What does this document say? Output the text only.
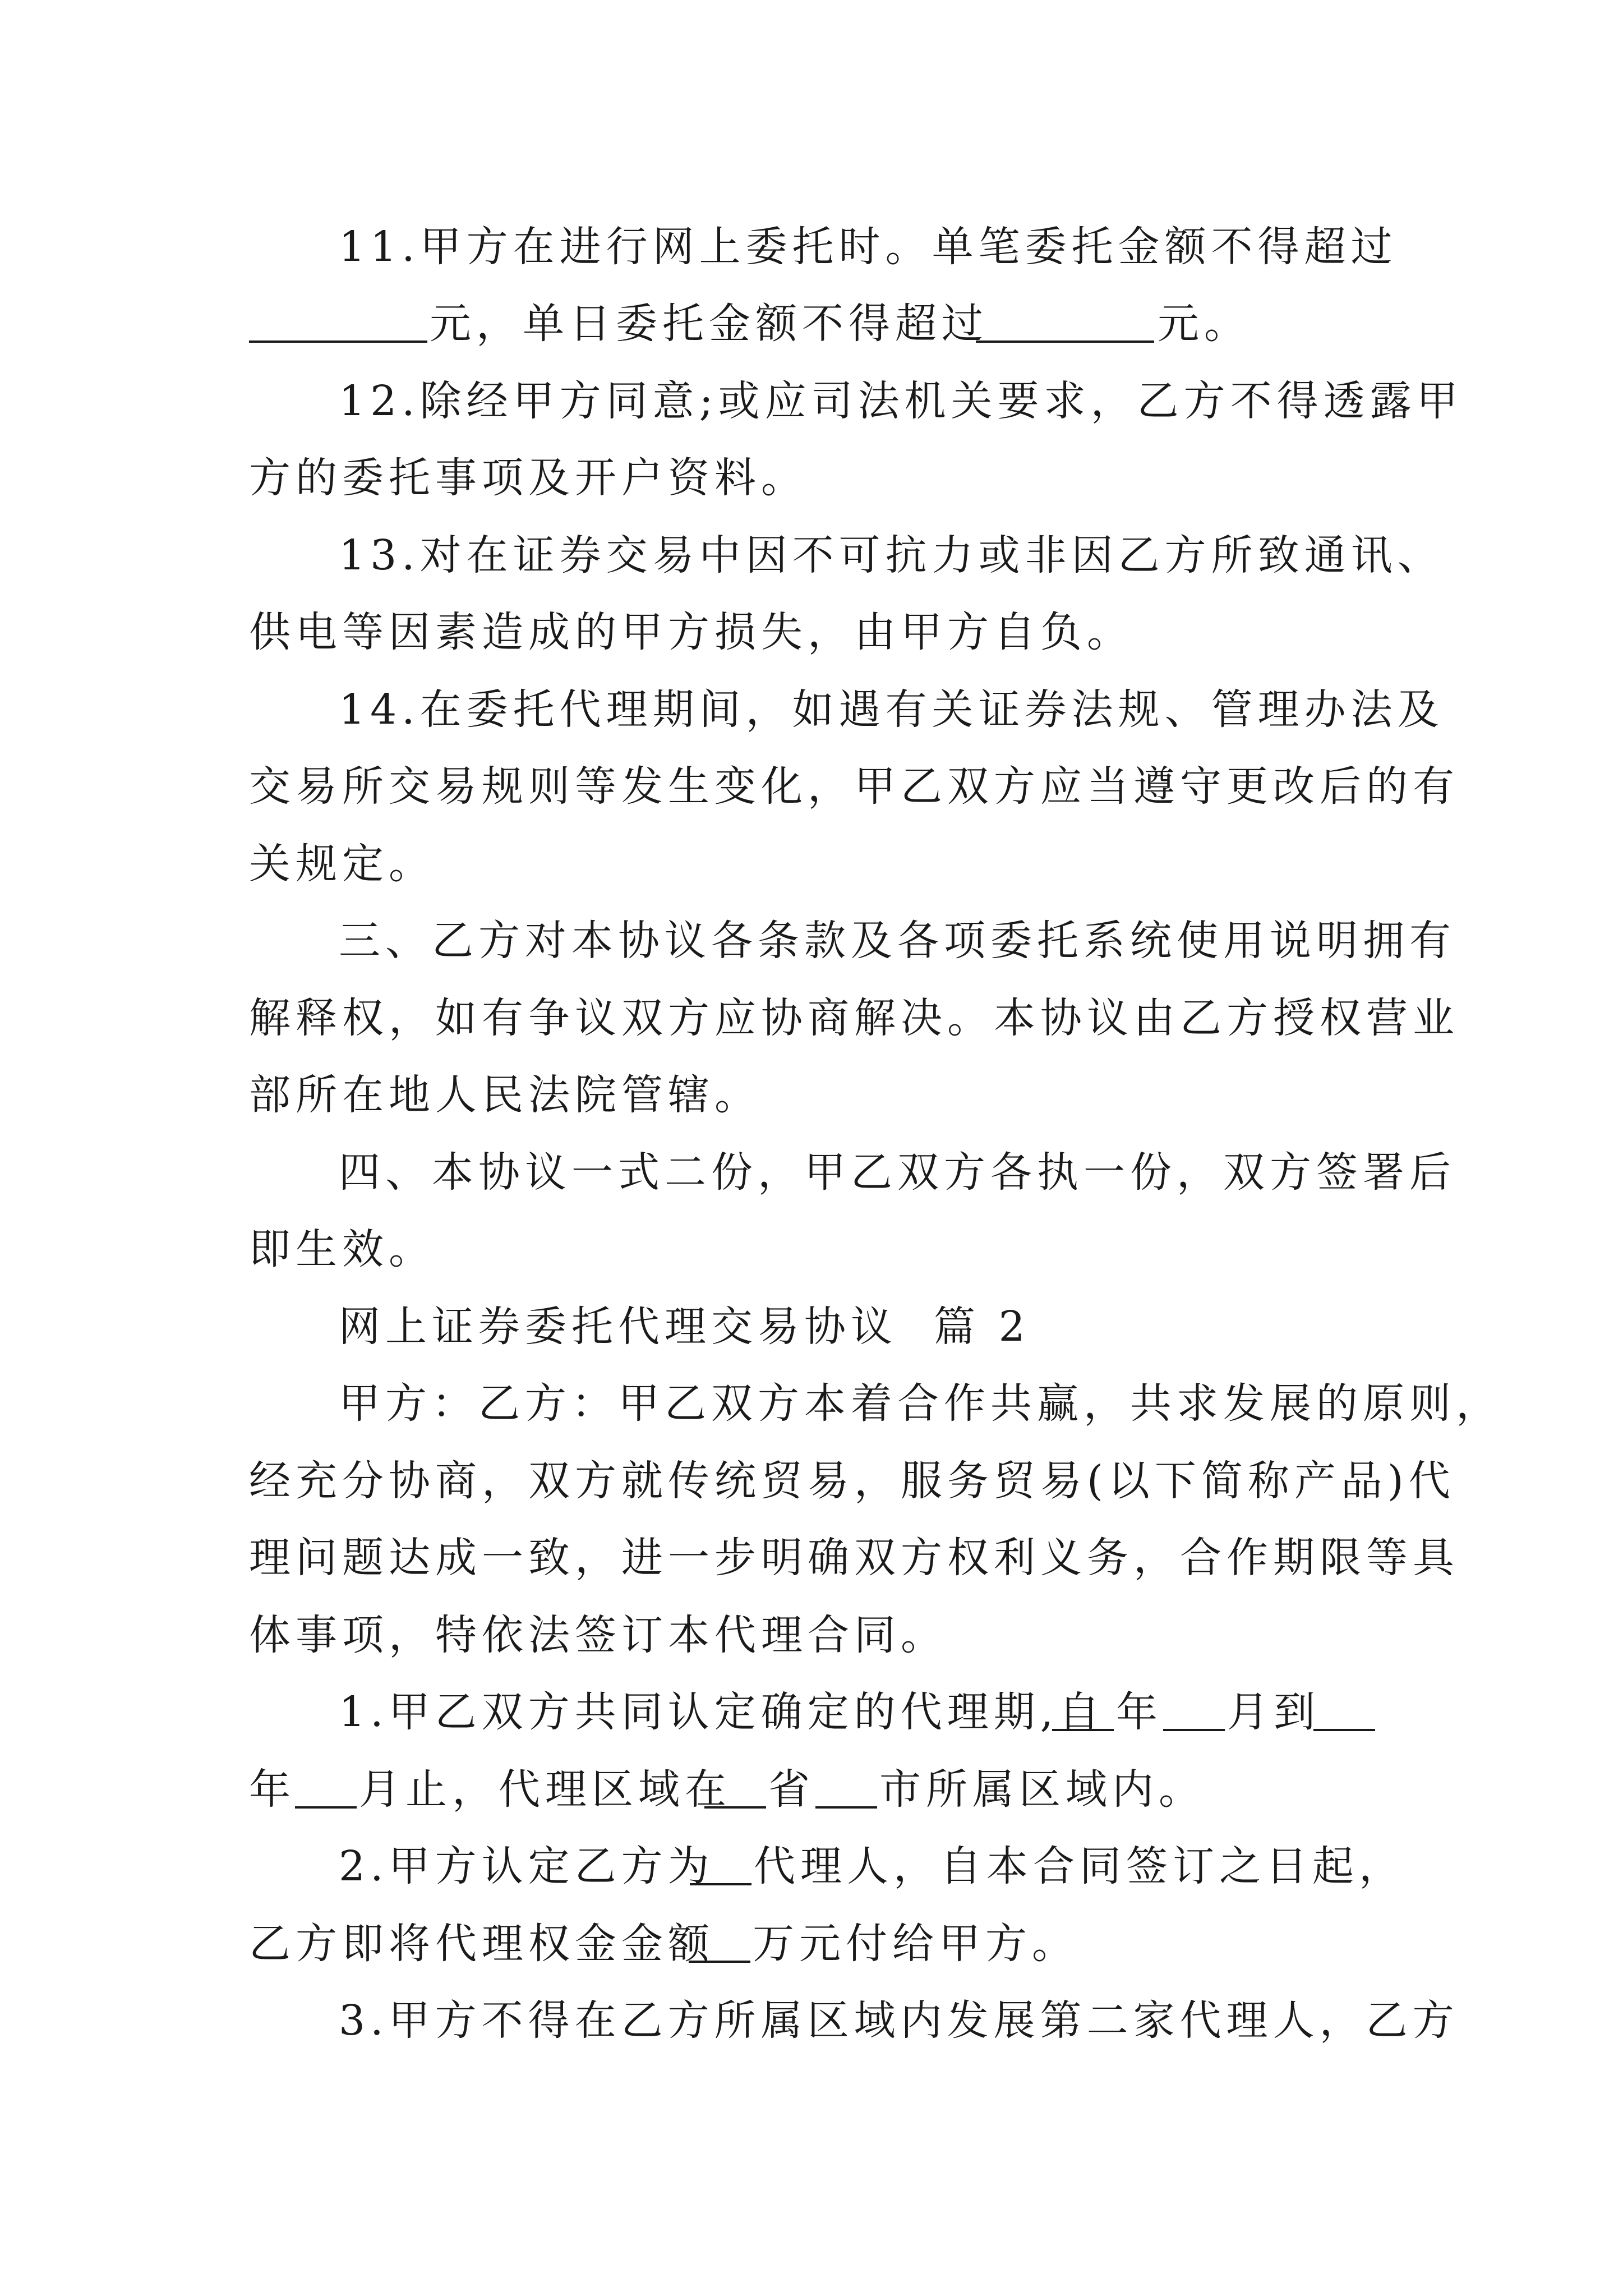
11.甲方在进行网上委托时。单笔委托金额不得超过
元，单日委托金额不得超过	元。
12.除经甲方同意;或应司法机关要求，乙方不得透露甲
方的委托事项及开户资料。
13.对在证券交易中因不可抗力或非因乙方所致通讯、
供电等因素造成的甲方损失，由甲方自负。
14.在委托代理期间，如遇有关证券法规、管理办法及
交易所交易规则等发生变化，甲乙双方应当遵守更改后的有
关规定。
三、乙方对本协议各条款及各项委托系统使用说明拥有
解释权，如有争议双方应协商解决。本协议由乙方授权营业
部所在地人民法院管辖。
四、本协议一式二份，甲乙双方各执一份，双方签署后
即生效。
网上证券委托代理交易协议  篇 2
甲方：乙方：甲乙双方本着合作共赢，共求发展的原则，
经充分协商，双方就传统贸易，服务贸易(以下简称产品)代
理问题达成一致，进一步明确双方权利义务，合作期限等具
体事项，特依法签订本代理合同。
1.甲乙双方共同认定确定的代理期,自 年 月到
年 月止，代理区域在 省 市所属区域内。
2.甲方认定乙方为 代理人，自本合同签订之日起，
乙方即将代理权金金额 万元付给甲方。
3.甲方不得在乙方所属区域内发展第二家代理人，乙方
